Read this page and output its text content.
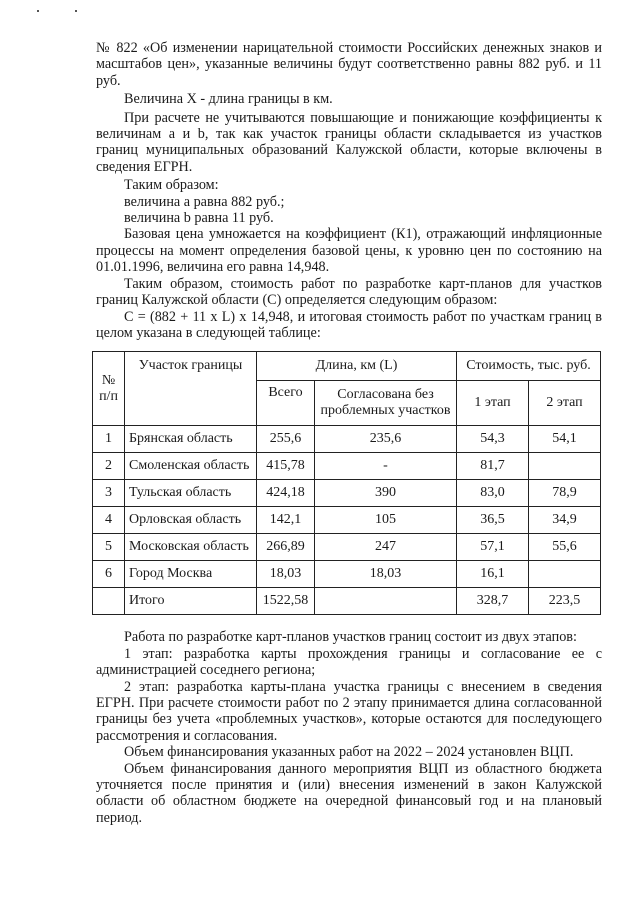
№ 822 «Об изменении нарицательной стоимости Российских денежных знаков и масштабов цен», указанные величины будут соответственно равны 882 руб. и 11 руб.

Величина X - длина границы в км.

При расчете не учитываются повышающие и понижающие коэффициенты к величинам a и b, так как участок границы области складывается из участков границ муниципальных образований Калужской области, которые включены в сведения ЕГРН.

Таким образом:

величина a равна 882 руб.;

величина b равна 11 руб.

Базовая цена умножается на коэффициент (К1), отражающий инфляционные процессы на момент определения базовой цены, к уровню цен по состоянию на 01.01.1996, величина его равна 14,948.

Таким образом, стоимость работ по разработке карт-планов для участков границ Калужской области (С) определяется следующим образом:

С = (882 + 11 x L) x 14,948, и итоговая стоимость работ по участкам границ в целом указана в следующей таблице:

№ п/п	Участок границы	Длина, км (L)		Стоимость, тыс. руб.	
		Всего	Согласована без проблемных участков	1 этап	2 этап
1	Брянская область	255,6	235,6	54,3	54,1
2	Смоленская область	415,78	-	81,7	
3	Тульская область	424,18	390	83,0	78,9
4	Орловская область	142,1	105	36,5	34,9
5	Московская область	266,89	247	57,1	55,6
6	Город Москва	18,03	18,03	16,1	
	Итого	1522,58		328,7	223,5

Работа по разработке карт-планов участков границ состоит из двух этапов:

1 этап: разработка карты прохождения границы и согласование ее с администрацией соседнего региона;

2 этап: разработка карты-плана участка границы с внесением в сведения ЕГРН. При расчете стоимости работ по 2 этапу принимается длина согласованной границы без учета «проблемных участков», которые остаются для последующего рассмотрения и согласования.

Объем финансирования указанных работ на 2022 – 2024 установлен ВЦП.

Объем финансирования данного мероприятия ВЦП из областного бюджета уточняется после принятия и (или) внесения изменений в закон Калужской области об областном бюджете на очередной финансовый год и на плановый период.
